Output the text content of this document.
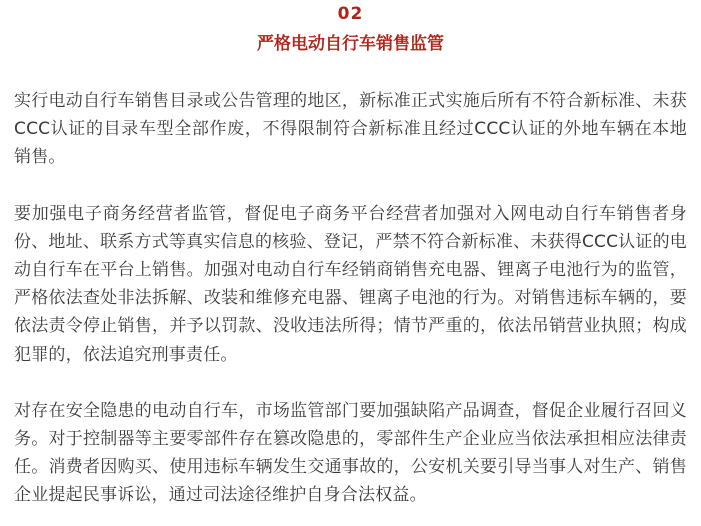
02
严格电动自行车销售监管

实行电动自行车销售目录或公告管理的地区，新标准正式实施后所有不符合新标准、未获CCC认证的目录车型全部作废，不得限制符合新标准且经过CCC认证的外地车辆在本地销售。

要加强电子商务经营者监管，督促电子商务平台经营者加强对入网电动自行车销售者身份、地址、联系方式等真实信息的核验、登记，严禁不符合新标准、未获得CCC认证的电动自行车在平台上销售。加强对电动自行车经销商销售充电器、锂离子电池行为的监管，严格依法查处非法拆解、改装和维修充电器、锂离子电池的行为。对销售违标车辆的，要依法责令停止销售，并予以罚款、没收违法所得；情节严重的，依法吊销营业执照；构成犯罪的，依法追究刑事责任。

对存在安全隐患的电动自行车，市场监管部门要加强缺陷产品调查，督促企业履行召回义务。对于控制器等主要零部件存在篡改隐患的，零部件生产企业应当依法承担相应法律责任。消费者因购买、使用违标车辆发生交通事故的，公安机关要引导当事人对生产、销售企业提起民事诉讼，通过司法途径维护自身合法权益。
